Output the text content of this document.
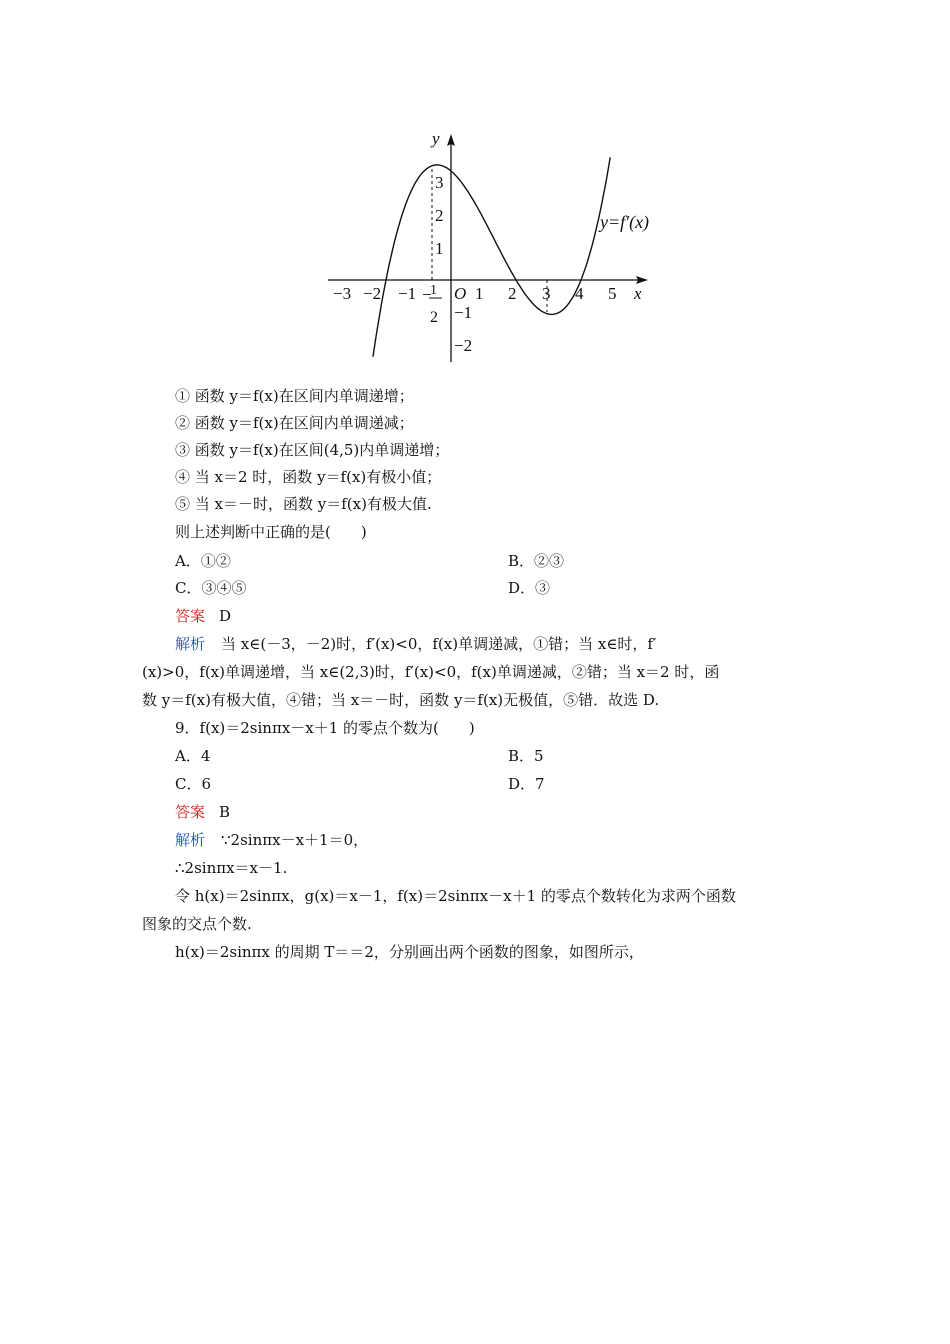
y
x
O
y=f′(x)
−3 −2 −1	1 2 3 4 5
3
2
1
−1
−2
−
1
2
① 函数 y＝f(x)在区间内单调递增；
② 函数 y＝f(x)在区间内单调递减；
③ 函数 y＝f(x)在区间(4,5)内单调递增；
④ 当 x＝2 时，函数 y＝f(x)有极小值；
⑤ 当 x＝－时，函数 y＝f(x)有极大值.
则上述判断中正确的是(　　)
A．①②	B．②③
C．③④⑤	D．③
答案 D
解析 当 x∈(－3，－2)时，f′(x)<0，f(x)单调递减，①错；当 x∈时，f′
(x)>0，f(x)单调递增，当 x∈(2,3)时，f′(x)<0，f(x)单调递减，②错；当 x＝2 时，函
数 y＝f(x)有极大值，④错；当 x＝－时，函数 y＝f(x)无极值，⑤错．故选 D.
9．f(x)＝2sinπx－x＋1 的零点个数为(　　)
A．4	B．5
C．6	D．7
答案 B
解析 ∵2sinπx－x＋1＝0，
∴2sinπx＝x－1.
令 h(x)＝2sinπx，g(x)＝x－1，f(x)＝2sinπx－x＋1 的零点个数转化为求两个函数
图象的交点个数.
h(x)＝2sinπx 的周期 T＝＝2，分别画出两个函数的图象，如图所示，
